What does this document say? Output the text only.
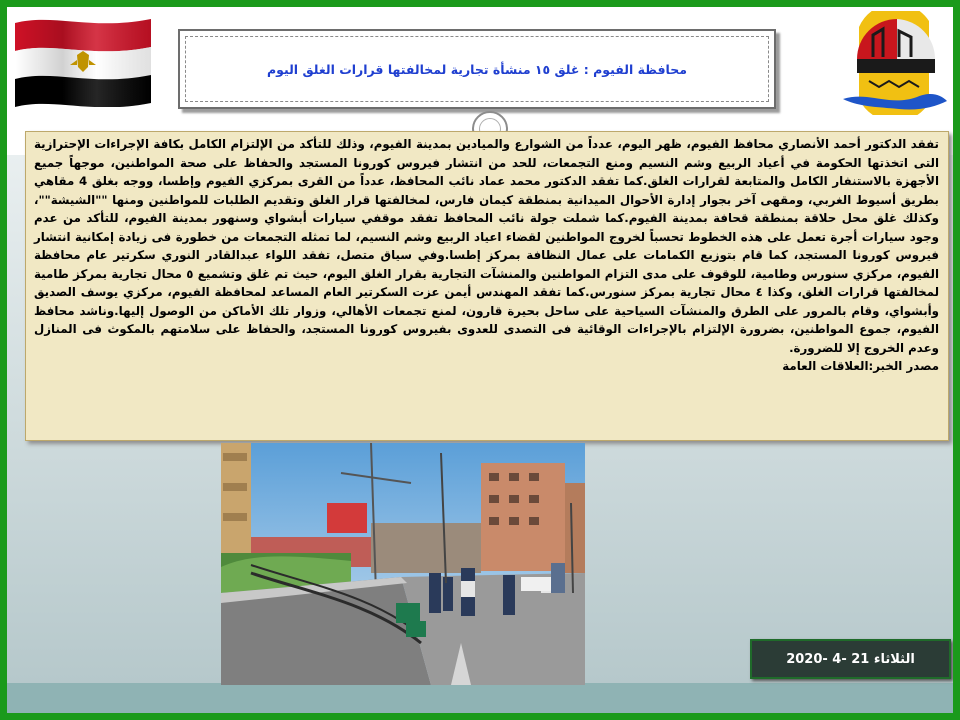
محافظة الفيوم : غلق ١٥ منشأة تجارية لمخالفتها قرارات الغلق اليوم

تفقد الدكتور أحمد الأنصاري محافظ الفيوم، ظهر اليوم، عدداً من الشوارع والميادين بمدينة الفيوم، وذلك للتأكد من الإلتزام الكامل بكافة الإجراءات الإحترازية التى اتخذتها الحكومة في أعياد الربيع وشم النسيم ومنع التجمعات، للحد من انتشار فيروس كورونا المستجد والحفاظ على صحة المواطنين، موجهاً جميع الأجهزة بالاستنفار الكامل والمتابعة لقرارات الغلق.كما تفقد الدكتور محمد عماد نائب المحافظ، عدداً من القرى بمركزي الفيوم وإطسا، ووجه بغلق 4 مقاهي بطريق أسيوط الغربي، ومقهى آخر بجوار إدارة الأحوال الميدانية بمنطقة كيمان فارس، لمخالفتها قرار الغلق وتقديم الطلبات للمواطنين ومنها ""الشيشة""، وكذلك غلق محل حلاقة بمنطقة قحافة بمدينة الفيوم.كما شملت جولة نائب المحافظ تفقد موقفي سيارات أبشواي وسنهور بمدينة الفيوم، للتأكد من عدم وجود سيارات أجرة تعمل على هذه الخطوط تحسباً لخروج المواطنين لقضاء اعياد الربيع وشم النسيم، لما تمثله التجمعات من خطورة فى زيادة إمكانية انتشار فيروس كورونا المستجد، كما قام بتوزيع الكمامات على عمال النظافة بمركز إطسا.وفي سياق متصل، تفقد اللواء عبدالقادر النوري سكرتير عام محافظة الفيوم، مركزي سنورس وطامية، للوقوف على مدى التزام المواطنين والمنشآت التجارية بقرار الغلق اليوم، حيث تم غلق وتشميع ٥ محال تجارية بمركز طامية لمخالفتها قرارات الغلق، وكذا ٤ محال تجارية بمركز سنورس.كما تفقد المهندس أيمن عزت السكرتير العام المساعد لمحافظة الفيوم، مركزي يوسف الصديق وأبشواي، وقام بالمرور على الطرق والمنشآت السياحية على ساحل بحيرة قارون، لمنع تجمعات الأهالي، وزوار تلك الأماكن من الوصول إليها.وناشد محافظ الفيوم، جموع المواطنين، بضرورة الإلتزام بالإجراءات الوقائية فى التصدى للعدوى بفيروس كورونا المستجد، والحفاظ على سلامتهم بالمكوث فى المنازل وعدم الخروج إلا للضرورة.

مصدر الخبر:العلاقات العامة

الثلاثاء 21 -4 -2020
